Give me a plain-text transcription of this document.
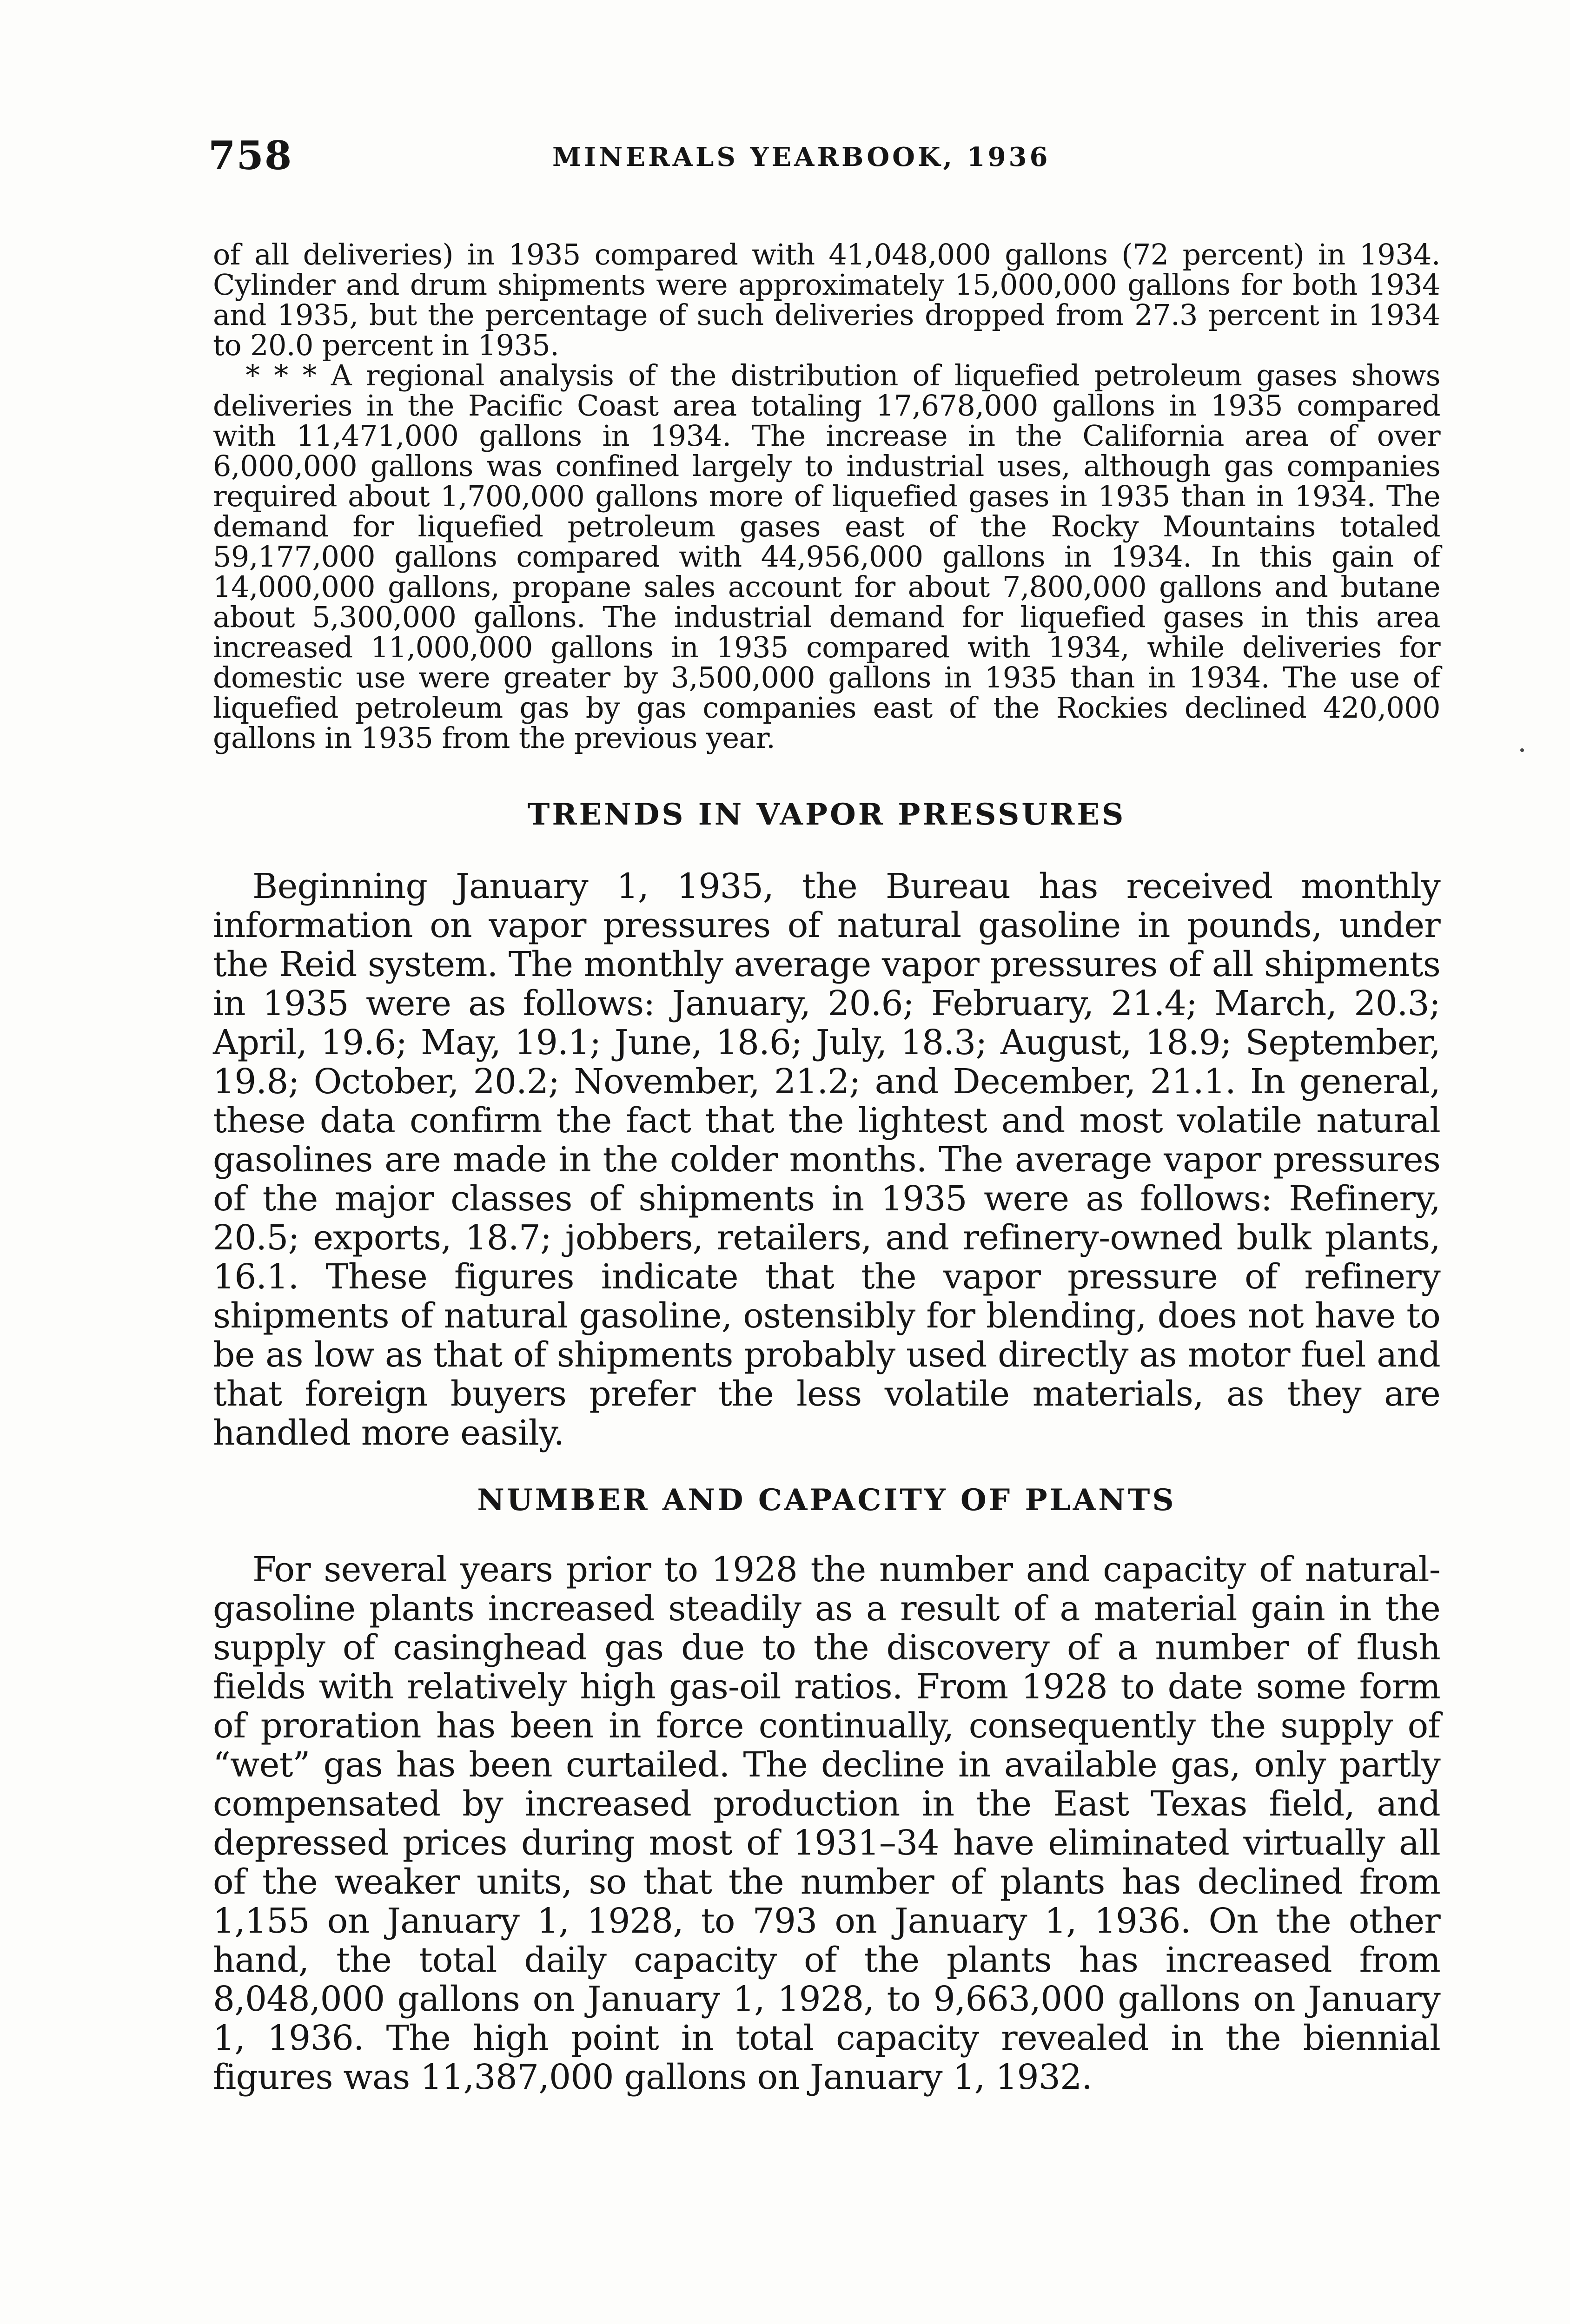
758	MINERALS YEARBOOK, 1936

of all deliveries) in 1935 compared with 41,048,000 gallons (72 percent) in 1934. Cylinder and drum shipments were approximately 15,000,000 gallons for both 1934 and 1935, but the percentage of such deliveries dropped from 27.3 percent in 1934 to 20.0 percent in 1935.

* * * A regional analysis of the distribution of liquefied petroleum gases shows deliveries in the Pacific Coast area totaling 17,678,000 gallons in 1935 compared with 11,471,000 gallons in 1934. The increase in the California area of over 6,000,000 gallons was confined largely to industrial uses, although gas companies required about 1,700,000 gallons more of liquefied gases in 1935 than in 1934. The demand for liquefied petroleum gases east of the Rocky Mountains totaled 59,177,000 gallons compared with 44,956,000 gallons in 1934. In this gain of 14,000,000 gallons, propane sales account for about 7,800,000 gallons and butane about 5,300,000 gallons. The industrial demand for liquefied gases in this area increased 11,000,000 gallons in 1935 compared with 1934, while deliveries for domestic use were greater by 3,500,000 gallons in 1935 than in 1934. The use of liquefied petroleum gas by gas companies east of the Rockies declined 420,000 gallons in 1935 from the previous year.

TRENDS IN VAPOR PRESSURES

Beginning January 1, 1935, the Bureau has received monthly information on vapor pressures of natural gasoline in pounds, under the Reid system. The monthly average vapor pressures of all shipments in 1935 were as follows: January, 20.6; February, 21.4; March, 20.3; April, 19.6; May, 19.1; June, 18.6; July, 18.3; August, 18.9; September, 19.8; October, 20.2; November, 21.2; and December, 21.1. In general, these data confirm the fact that the lightest and most volatile natural gasolines are made in the colder months. The average vapor pressures of the major classes of shipments in 1935 were as follows: Refinery, 20.5; exports, 18.7; jobbers, retailers, and refinery-owned bulk plants, 16.1. These figures indicate that the vapor pressure of refinery shipments of natural gasoline, ostensibly for blending, does not have to be as low as that of shipments probably used directly as motor fuel and that foreign buyers prefer the less volatile materials, as they are handled more easily.

NUMBER AND CAPACITY OF PLANTS

For several years prior to 1928 the number and capacity of natural-gasoline plants increased steadily as a result of a material gain in the supply of casinghead gas due to the discovery of a number of flush fields with relatively high gas-oil ratios. From 1928 to date some form of proration has been in force continually, consequently the supply of “wet” gas has been curtailed. The decline in available gas, only partly compensated by increased production in the East Texas field, and depressed prices during most of 1931–34 have eliminated virtually all of the weaker units, so that the number of plants has declined from 1,155 on January 1, 1928, to 793 on January 1, 1936. On the other hand, the total daily capacity of the plants has increased from 8,048,000 gallons on January 1, 1928, to 9,663,000 gallons on January 1, 1936. The high point in total capacity revealed in the biennial figures was 11,387,000 gallons on January 1, 1932.
